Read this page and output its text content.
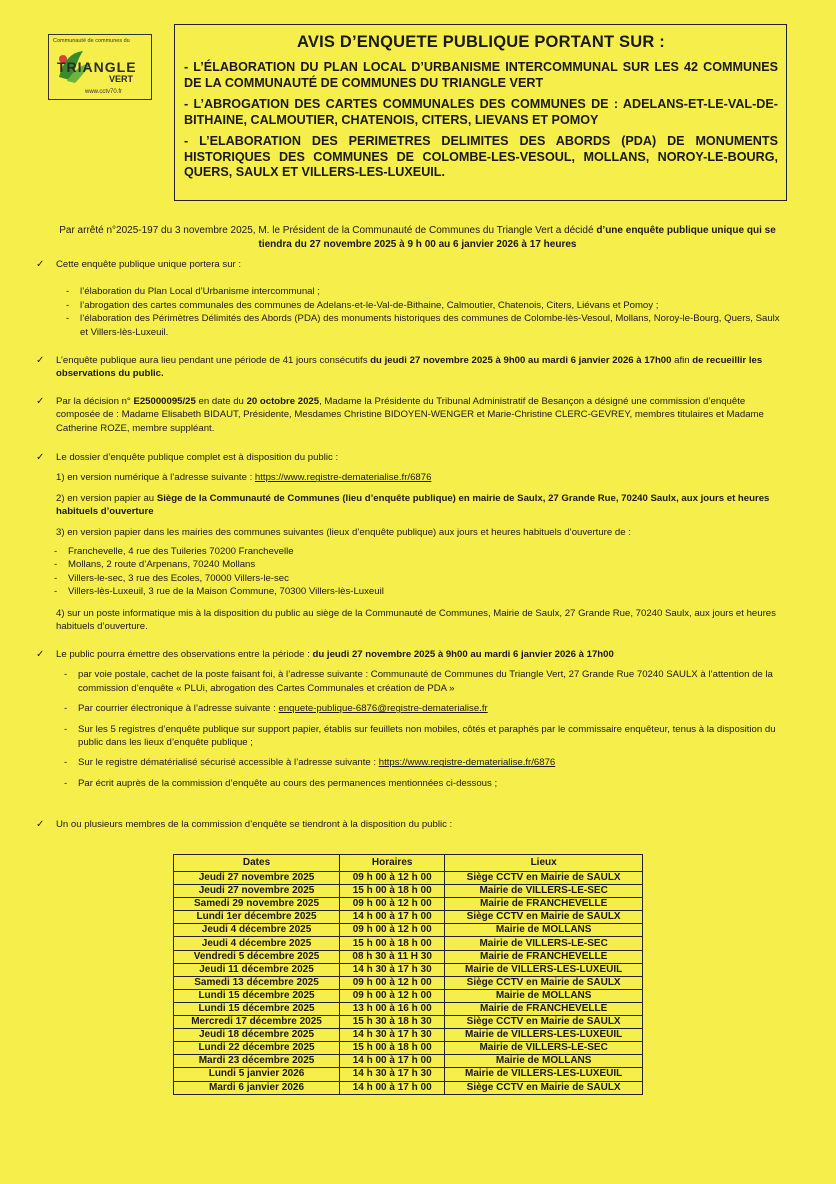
Communauté de communes du
TRIANGLE
VERT
www.cctv70.fr
AVIS D’ENQUETE PUBLIQUE PORTANT SUR :
- L’ÉLABORATION DU PLAN LOCAL D’URBANISME INTERCOMMUNAL SUR LES 42 COMMUNES DE LA COMMUNAUTÉ DE COMMUNES DU TRIANGLE VERT
- L’ABROGATION DES CARTES COMMUNALES DES COMMUNES DE : ADELANS-ET-LE-VAL-DE-BITHAINE, CALMOUTIER, CHATENOIS, CITERS, LIEVANS ET POMOY
- L’ELABORATION DES PERIMETRES DELIMITES DES ABORDS (PDA) DE MONUMENTS HISTORIQUES DES COMMUNES DE COLOMBE-LES-VESOUL, MOLLANS, NOROY-LE-BOURG, QUERS, SAULX ET VILLERS-LES-LUXEUIL.
Par arrêté n°2025-197 du 3 novembre 2025, M. le Président de la Communauté de Communes du Triangle Vert a décidé d’une enquête publique unique qui se tiendra du 27 novembre 2025 à 9 h 00 au 6 janvier 2026 à 17 heures
✓ Cette enquête publique unique portera sur :
- l’élaboration du Plan Local d’Urbanisme intercommunal ;
- l’abrogation des cartes communales des communes de Adelans-et-le-Val-de-Bithaine, Calmoutier, Chatenois, Citers, Liévans et Pomoy ;
- l’élaboration des Périmètres Délimités des Abords (PDA) des monuments historiques des communes de Colombe-lès-Vesoul, Mollans, Noroy-le-Bourg, Quers, Saulx et Villers-lès-Luxeuil.
✓ L’enquête publique aura lieu pendant une période de 41 jours consécutifs du jeudi 27 novembre 2025 à 9h00 au mardi 6 janvier 2026 à 17h00 afin de recueillir les observations du public.
✓ Par la décision n° E25000095/25 en date du 20 octobre 2025, Madame la Présidente du Tribunal Administratif de Besançon a désigné une commission d’enquête composée de : Madame Elisabeth BIDAUT, Présidente, Mesdames Christine BIDOYEN-WENGER et Marie-Christine CLERC-GEVREY, membres titulaires et Madame Catherine ROZE, membre suppléant.
✓ Le dossier d’enquête publique complet est à disposition du public :
1) en version numérique à l’adresse suivante : https://www.registre-dematerialise.fr/6876
2) en version papier au Siège de la Communauté de Communes (lieu d’enquête publique) en mairie de Saulx, 27 Grande Rue, 70240 Saulx, aux jours et heures habituels d’ouverture
3) en version papier dans les mairies des communes suivantes (lieux d’enquête publique) aux jours et heures habituels d’ouverture de :
- Franchevelle, 4 rue des Tuileries 70200 Franchevelle
- Mollans, 2 route d’Arpenans, 70240 Mollans
- Villers-le-sec, 3 rue des Ecoles, 70000 Villers-le-sec
- Villers-lès-Luxeuil, 3 rue de la Maison Commune, 70300 Villers-lès-Luxeuil
4) sur un poste informatique mis à la disposition du public au siège de la Communauté de Communes, Mairie de Saulx, 27 Grande Rue, 70240 Saulx, aux jours et heures habituels d’ouverture.
✓ Le public pourra émettre des observations entre la période : du jeudi 27 novembre 2025 à 9h00 au mardi 6 janvier 2026 à 17h00
- par voie postale, cachet de la poste faisant foi, à l’adresse suivante : Communauté de Communes du Triangle Vert, 27 Grande Rue 70240 SAULX à l’attention de la commission d’enquête « PLUi, abrogation des Cartes Communales et création de PDA »
- Par courrier électronique à l’adresse suivante : enquete-publique-6876@registre-dematerialise.fr
- Sur les 5 registres d’enquête publique sur support papier, établis sur feuillets non mobiles, côtés et paraphés par le commissaire enquêteur, tenus à la disposition du public dans les lieux d’enquête publique ;
- Sur le registre dématérialisé sécurisé accessible à l’adresse suivante : https://www.registre-dematerialise.fr/6876
- Par écrit auprès de la commission d’enquête au cours des permanences mentionnées ci-dessous ;
✓ Un ou plusieurs membres de la commission d’enquête se tiendront à la disposition du public :
Dates	Horaires	Lieux
Jeudi 27 novembre 2025	09 h 00 à 12 h 00	Siège CCTV en Mairie de SAULX
Jeudi 27 novembre 2025	15 h 00 à 18 h 00	Mairie de VILLERS-LE-SEC
Samedi 29 novembre 2025	09 h 00 à 12 h 00	Mairie de FRANCHEVELLE
Lundi 1er décembre 2025	14 h 00 à 17 h 00	Siège CCTV en Mairie de SAULX
Jeudi 4 décembre 2025	09 h 00 à 12 h 00	Mairie de MOLLANS
Jeudi 4 décembre 2025	15 h 00 à 18 h 00	Mairie de VILLERS-LE-SEC
Vendredi 5 décembre 2025	08 h 30 à 11 H 30	Mairie de FRANCHEVELLE
Jeudi 11 décembre 2025	14 h 30 à 17 h 30	Mairie de VILLERS-LES-LUXEUIL
Samedi 13 décembre 2025	09 h 00 à 12 h 00	Siège CCTV en Mairie de SAULX
Lundi 15 décembre 2025	09 h 00 à 12 h 00	Mairie de MOLLANS
Lundi 15 décembre 2025	13 h 00 à 16 h 00	Mairie de FRANCHEVELLE
Mercredi 17 décembre 2025	15 h 30 à 18 h 30	Siège CCTV en Mairie de SAULX
Jeudi 18 décembre 2025	14 h 30 à 17 h 30	Mairie de VILLERS-LES-LUXEUIL
Lundi 22 décembre 2025	15 h 00 à 18 h 00	Mairie de VILLERS-LE-SEC
Mardi 23 décembre 2025	14 h 00 à 17 h 00	Mairie de MOLLANS
Lundi 5 janvier 2026	14 h 30 à 17 h 30	Mairie de VILLERS-LES-LUXEUIL
Mardi 6 janvier 2026	14 h 00 à 17 h 00	Siège CCTV en Mairie de SAULX
